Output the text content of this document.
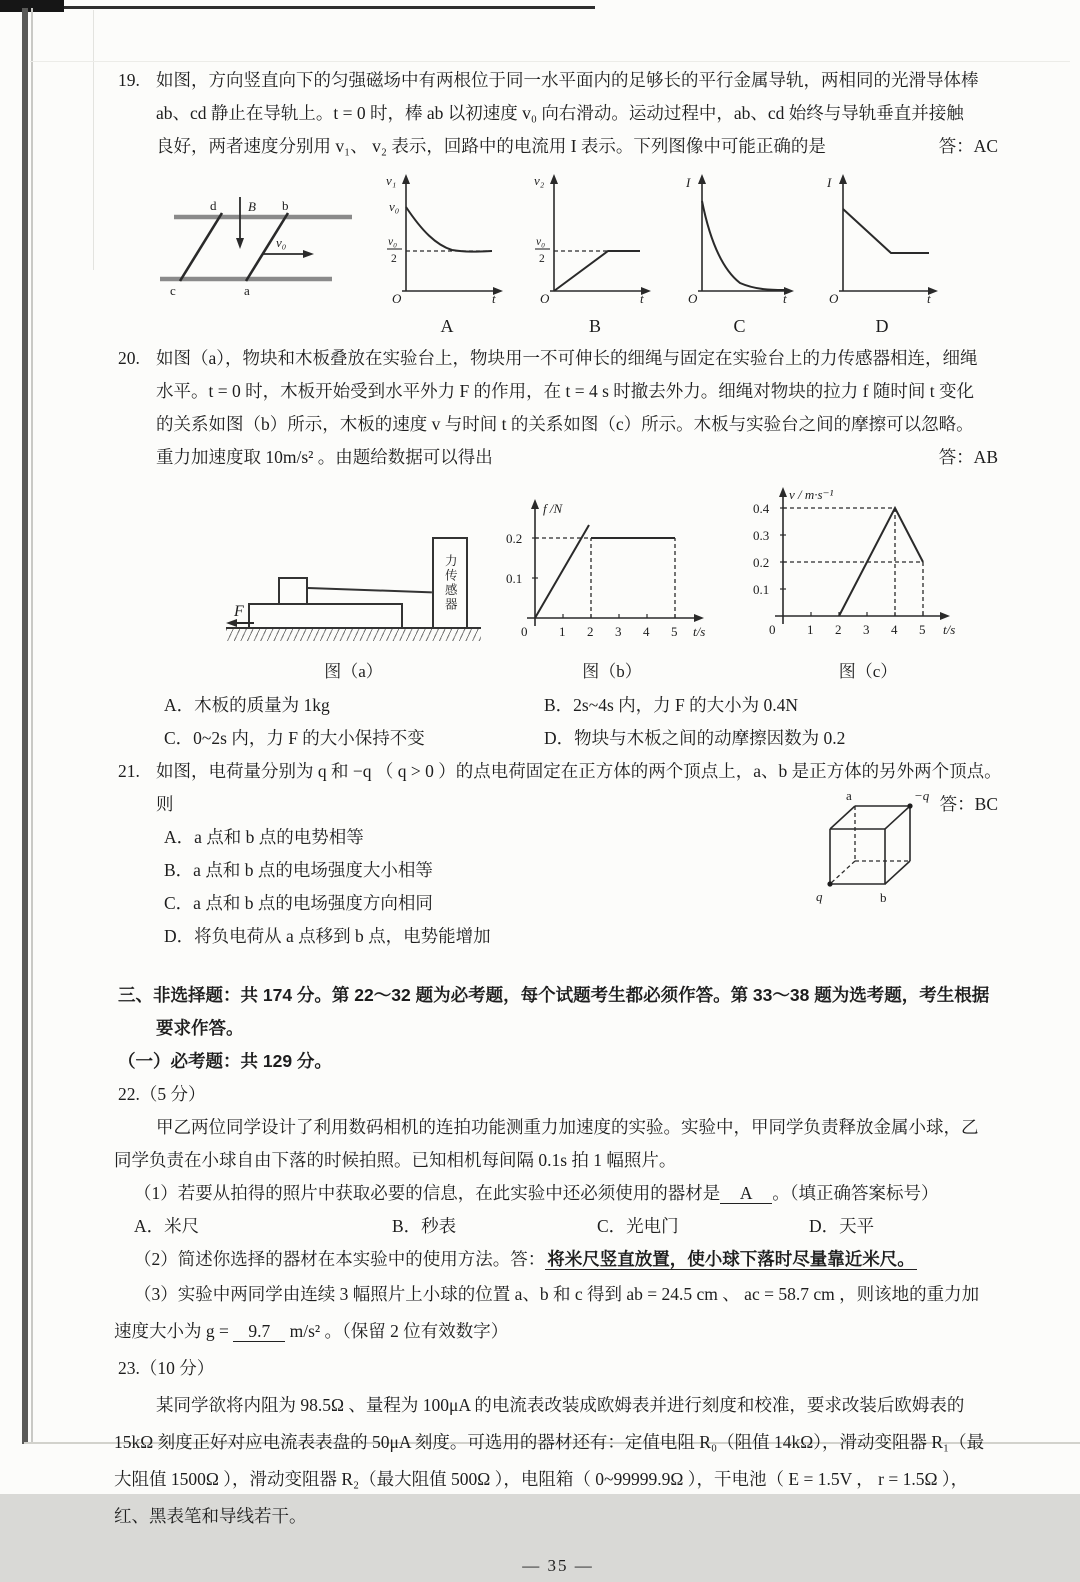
19. 如图，方向竖直向下的匀强磁场中有两根位于同一水平面内的足够长的平行金属导轨，两相同的光滑导体棒
ab、cd 静止在导轨上。t = 0 时，棒 ab 以初速度 v₀ 向右滑动。运动过程中，ab、cd 始终与导轨垂直并接触
良好，两者速度分别用 v₁、 v₂ 表示，回路中的电流用 I 表示。下列图像中可能正确的是	答：AC
B
v₀
d	b
c	a
v₁
v₀
v₀
2
O	t
A
v₂
v₀
2
O	t
B
I
O	t
C
I
O	t
D
20. 如图（a），物块和木板叠放在实验台上，物块用一不可伸长的细绳与固定在实验台上的力传感器相连，细绳
水平。t = 0 时，木板开始受到水平外力 F 的作用，在 t = 4 s 时撤去外力。细绳对物块的拉力 f 随时间 t 变化
的关系如图（b）所示，木板的速度 v 与时间 t 的关系如图（c）所示。木板与实验台之间的摩擦可以忽略。
重力加速度取 10m/s² 。由题给数据可以得出	答：AB
力传感器
F
图（a）
f /N
0.2
0.1
0 1 2 3 4 5 t/s
图（b）
v / m·s⁻¹
0.4
0.3
0.2
0.1
0 1 2 3 4 5 t/s
图（c）
A．木板的质量为 1kg	B．2s~4s 内，力 F 的大小为 0.4N
C．0~2s 内，力 F 的大小保持不变	D．物块与木板之间的动摩擦因数为 0.2
21. 如图，电荷量分别为 q 和 −q （ q > 0 ）的点电荷固定在正方体的两个顶点上，a、b 是正方体的另外两个顶点。
则	答：BC
A．a 点和 b 点的电势相等
B．a 点和 b 点的电场强度大小相等
C．a 点和 b 点的电场强度方向相同
D．将负电荷从 a 点移到 b 点，电势能增加
a	−q
q	b
三、非选择题：共 174 分。第 22～32 题为必考题，每个试题考生都必须作答。第 33～38 题为选考题，考生根据
要求作答。
（一）必考题：共 129 分。
22.（5 分）
甲乙两位同学设计了利用数码相机的连拍功能测重力加速度的实验。实验中，甲同学负责释放金属小球，乙
同学负责在小球自由下落的时候拍照。已知相机每间隔 0.1s 拍 1 幅照片。
（1）若要从拍得的照片中获取必要的信息，在此实验中还必须使用的器材是 A 。（填正确答案标号）
A．米尺	B．秒表	C．光电门	D．天平
（2）简述你选择的器材在本实验中的使用方法。答： 将米尺竖直放置，使小球下落时尽量靠近米尺。
（3）实验中两同学由连续 3 幅照片上小球的位置 a、b 和 c 得到 ab = 24.5 cm 、 ac = 58.7 cm ，则该地的重力加
速度大小为 g = 9.7 m/s² 。（保留 2 位有效数字）
23.（10 分）
某同学欲将内阻为 98.5Ω 、量程为 100μA 的电流表改装成欧姆表并进行刻度和校准，要求改装后欧姆表的
15kΩ 刻度正好对应电流表表盘的 50μA 刻度。可选用的器材还有：定值电阻 R₀（阻值 14kΩ），滑动变阻器 R₁（最
大阻值 1500Ω ），滑动变阻器 R₂（最大阻值 500Ω ），电阻箱（ 0~99999.9Ω ），干电池（ E = 1.5V ， r = 1.5Ω ），
红、黑表笔和导线若干。
— 35 —
